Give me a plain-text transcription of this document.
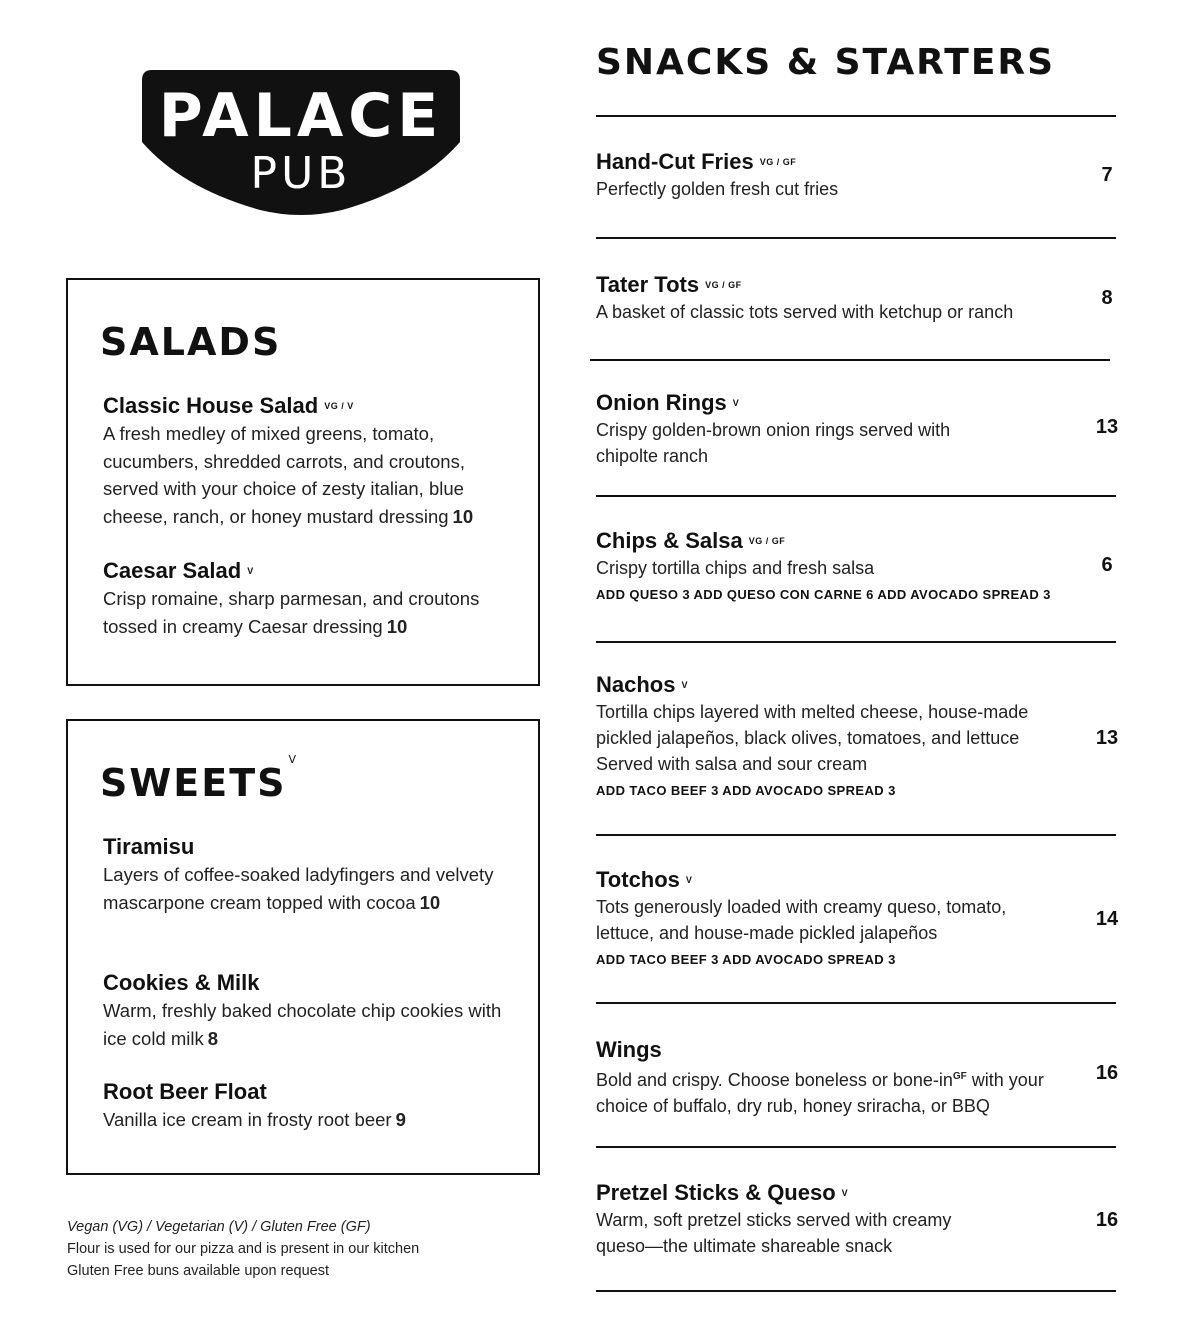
PALACE
PUB
SALADS
Classic House Salad $^{VG / V}$
A fresh medley of mixed greens, tomato, cucumbers, shredded carrots, and croutons, served with your choice of zesty italian, blue cheese, ranch, or honey mustard dressing 10
Caesar Salad $^V$
Crisp romaine, sharp parmesan, and croutons tossed in creamy Caesar dressing 10
$SWEETS^V$
Tiramisu
Layers of coffee-soaked ladyfingers and velvety mascarpone cream topped with cocoa 10
Cookies & Milk
Warm, freshly baked chocolate chip cookies with ice cold milk 8
Root Beer Float
Vanilla ice cream in frosty root beer 9
Vegan (VG) / Vegetarian (V) / Gluten Free (GF)
Flour is used for our pizza and is present in our kitchen
Gluten Free buns available upon request
SNACKS & STARTERS
Hand-Cut Fries $^{VG / GF}$
Perfectly golden fresh cut fries
7
Tater Tots $^{VG / GF}$
A basket of classic tots served with ketchup or ranch
8
Onion Rings $^V$
Crispy golden-brown onion rings served with chipolte ranch
13
Chips & Salsa $^{VG / GF}$
Crispy tortilla chips and fresh salsa
ADD QUESO 3 ADD QUESO CON CARNE 6 ADD AVOCADO SPREAD 3
6
Nachos $^V$
Tortilla chips layered with melted cheese, house-made pickled jalapeños, black olives, tomatoes, and lettuce Served with salsa and sour cream
ADD TACO BEEF 3 ADD AVOCADO SPREAD 3
13
Totchos $^V$
Tots generously loaded with creamy queso, tomato, lettuce, and house-made pickled jalapeños
ADD TACO BEEF 3 ADD AVOCADO SPREAD 3
14
Wings
Bold and crispy. Choose boneless or bone-$in^{GF}$ with your choice of buffalo, dry rub, honey sriracha, or BBQ
16
Pretzel Sticks & Queso $^V$
Warm, soft pretzel sticks served with creamy queso—the ultimate shareable snack
16
